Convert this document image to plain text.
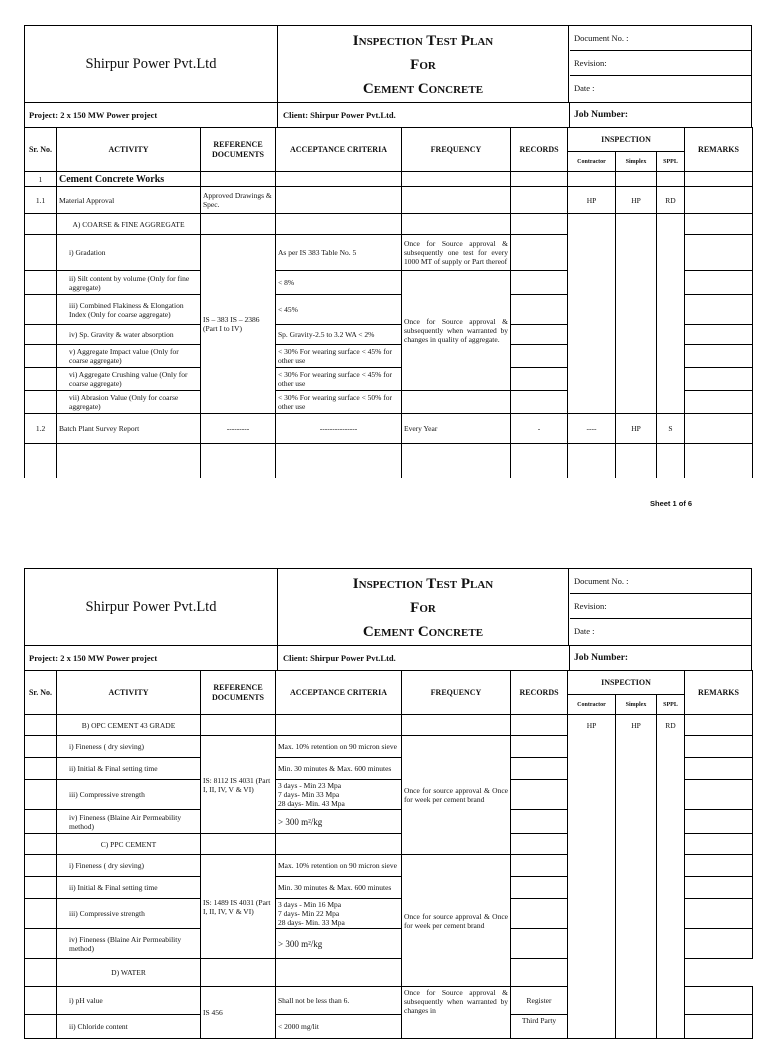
Shirpur Power Pvt.Ltd
Inspection Test Plan
For
Cement Concrete
Document No. :
Revision:
Date :
Project: 2 x 150 MW Power project	Client: Shirpur Power Pvt.Ltd.	Job Number:
Sr. No.	ACTIVITY	REFERENCE DOCUMENTS	ACCEPTANCE CRITERIA	FREQUENCY	RECORDS	INSPECTION			REMARKS
						Contractor	Simplex	SPPL	
1	Cement Concrete Works								
1.1	Material Approval	Approved Drawings & Spec.				HP	HP	RD	
	A) COARSE & FINE AGGREGATE								
	i) Gradation	IS – 383 IS – 2386 (Part I to IV)	As per IS 383 Table No. 5	Once for Source approval & subsequently one test for every 1000 MT of supply or Part thereof					
	ii) Silt content by volume (Only for fine aggregate)		< 8%	Once for Source approval & subsequently when warranted by changes in quality of aggregate.					
	iii) Combined Flakiness & Elongation Index (Only for coarse aggregate)		< 45%						
	iv) Sp. Gravity & water absorption		Sp. Gravity-2.5 to 3.2 WA < 2%						
	v) Aggregate Impact value (Only for coarse aggregate)		< 30% For wearing surface < 45% for other use						
	vi) Aggregate Crushing value (Only for coarse aggregate)		< 30% For wearing surface < 45% for other use						
	vii) Abrasion Value (Only for coarse aggregate)		< 30% For wearing surface < 50% for other use						
1.2	Batch Plant Survey Report	---------	---------------	Every Year	-	----	HP	S	

Sheet 1 of 6
Shirpur Power Pvt.Ltd
Inspection Test Plan
For
Cement Concrete
Document No. :
Revision:
Date :
Project: 2 x 150 MW Power project	Client: Shirpur Power Pvt.Ltd.	Job Number:
Sr. No.	ACTIVITY	REFERENCE DOCUMENTS	ACCEPTANCE CRITERIA	FREQUENCY	RECORDS	INSPECTION			REMARKS
						Contractor	Simplex	SPPL	
	B) OPC CEMENT 43 GRADE					HP	HP	RD	
	i) Fineness ( dry sieving)	IS: 8112 IS 4031 (Part I, II, IV, V & VI)	Max. 10% retention on 90 micron sieve	Once for source approval & Once for week per cement brand					
	ii) Initial & Final setting time		Min. 30 minutes & Max. 600 minutes						
	iii) Compressive strength		3 days - Min 23 Mpa
7 days- Min 33 Mpa
28 days- Min. 43 Mpa						

	iv) Fineness (Blaine Air Permeability method)		> 300 m²/kg						
	C) PPC CEMENT								
	i) Fineness ( dry sieving)	IS: 1489 IS 4031 (Part I, II, IV, V & VI)	Max. 10% retention on 90 micron sieve	Once for source approval & Once for week per cement brand					
	ii) Initial & Final setting time		Min. 30 minutes & Max. 600 minutes						
	iii) Compressive strength		3 days - Min 16 Mpa
7 days- Min 22 Mpa
28 days- Min. 33 Mpa						

	iv) Fineness (Blaine Air Permeability method)		> 300 m²/kg						
	D) WATER								
	i) pH value	IS 456	Shall not be less than 6.	Once for Source approval & subsequently when warranted by changes in	Register				
	ii) Chloride content		< 2000 mg/lit		Third Party				
